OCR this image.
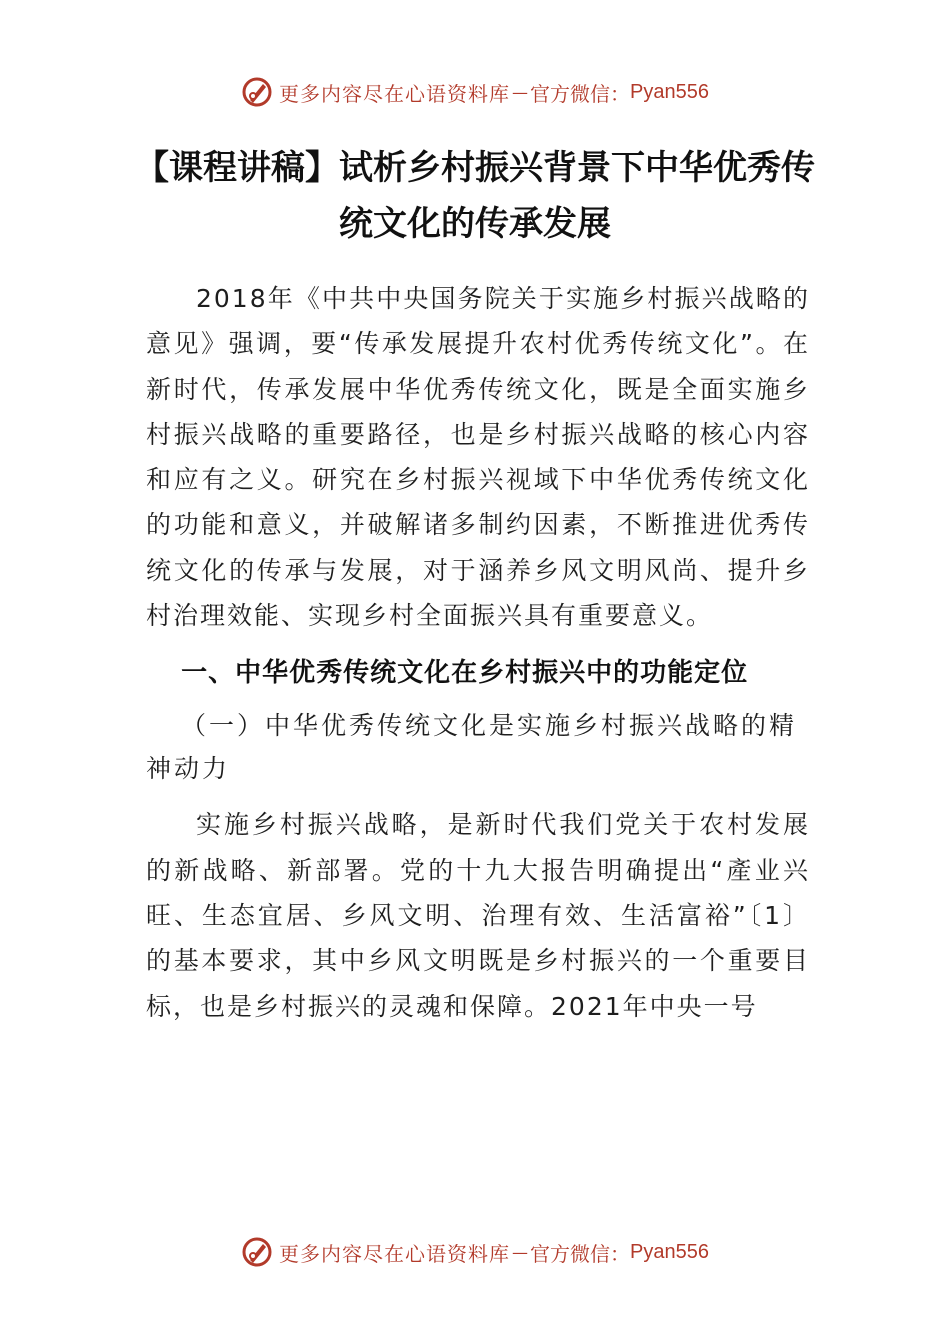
更多内容尽在心语资料库 — 官方微信： Pyan556
【课程讲稿】试析乡村振兴背景下中华优秀传统文化的传承发展

2018年《中共中央国务院关于实施乡村振兴战略的意见》强调，要“传承发展提升农村优秀传统文化”。在新时代，传承发展中华优秀传统文化，既是全面实施乡村振兴战略的重要路径，也是乡村振兴战略的核心内容和应有之义。研究在乡村振兴视域下中华优秀传统文化的功能和意义，并破解诸多制约因素，不断推进优秀传统文化的传承与发展，对于涵养乡风文明风尚、提升乡村治理效能、实现乡村全面振兴具有重要意义。

一、中华优秀传统文化在乡村振兴中的功能定位

（一）中华优秀传统文化是实施乡村振兴战略的精神动力

实施乡村振兴战略，是新时代我们党关于农村发展的新战略、新部署。党的十九大报告明确提出“產业兴旺、生态宜居、乡风文明、治理有效、生活富裕”〔1〕的基本要求，其中乡风文明既是乡村振兴的一个重要目标，也是乡村振兴的灵魂和保障。2021年中央一号

更多内容尽在心语资料库 — 官方微信： Pyan556
